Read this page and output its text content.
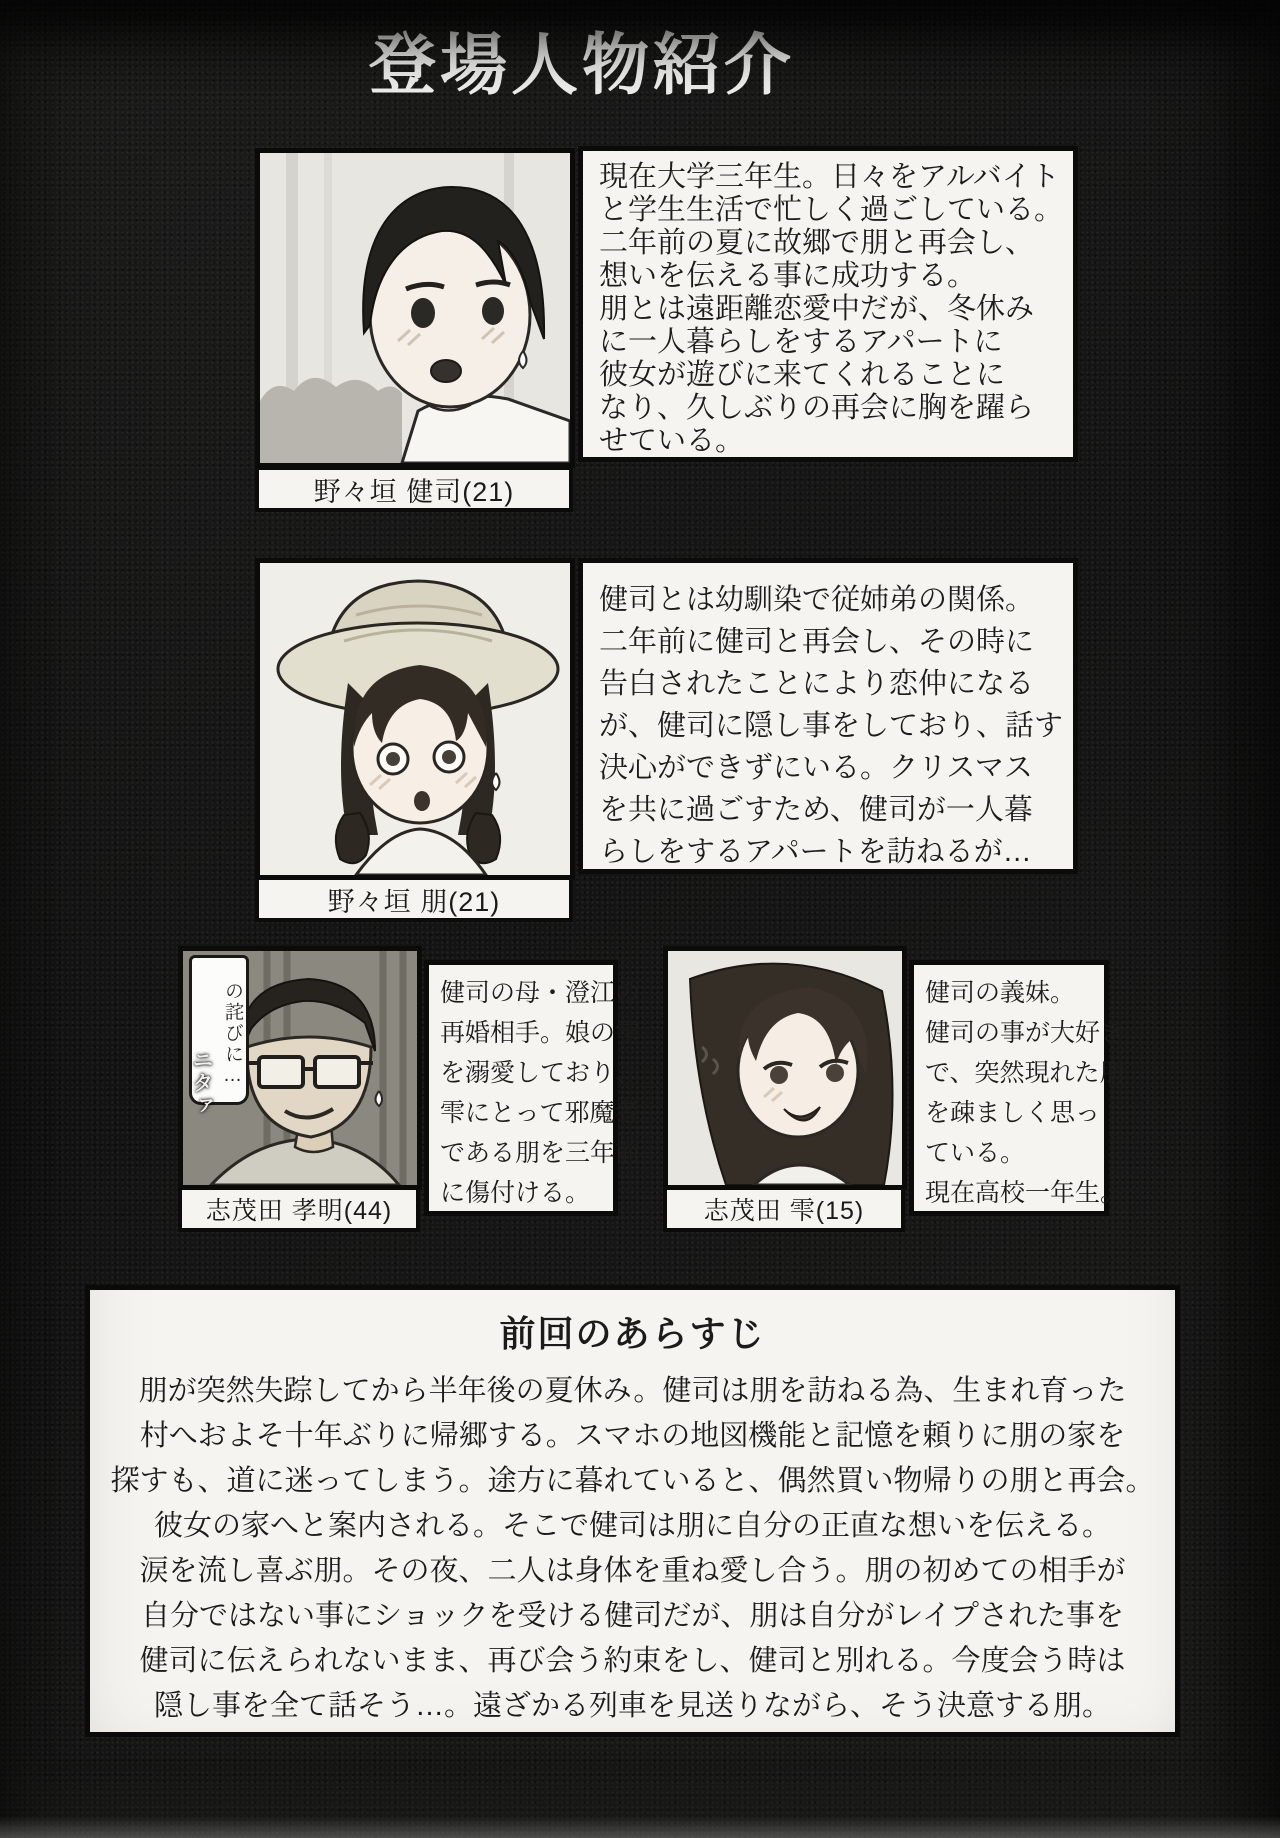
登場人物紹介
野々垣 健司(21)
現在大学三年生。日々をアルバイト
と学生生活で忙しく過ごしている。
二年前の夏に故郷で朋と再会し、
想いを伝える事に成功する。
朋とは遠距離恋愛中だが、冬休み
に一人暮らしをするアパートに
彼女が遊びに来てくれることに
なり、久しぶりの再会に胸を躍ら
せている。
野々垣 朋(21)
健司とは幼馴染で従姉弟の関係。
二年前に健司と再会し、その時に
告白されたことにより恋仲になる
が、健司に隠し事をしており、話す
決心ができずにいる。クリスマス
を共に過ごすため、健司が一人暮
らしをするアパートを訪ねるが…
の詫びに…
ニタァ
志茂田 孝明(44)
健司の母・澄江の
再婚相手。娘の雫
を溺愛しており、
雫にとって邪魔者
である朋を三年前
に傷付ける。
志茂田 雫(15)
健司の義妹。
健司の事が大好き
で、突然現れた朋
を疎ましく思っ
ている。
現在高校一年生。
前回のあらすじ
朋が突然失踪してから半年後の夏休み。健司は朋を訪ねる為、生まれ育った
村へおよそ十年ぶりに帰郷する。スマホの地図機能と記憶を頼りに朋の家を
探すも、道に迷ってしまう。途方に暮れていると、偶然買い物帰りの朋と再会。
彼女の家へと案内される。そこで健司は朋に自分の正直な想いを伝える。
涙を流し喜ぶ朋。その夜、二人は身体を重ね愛し合う。朋の初めての相手が
自分ではない事にショックを受ける健司だが、朋は自分がレイプされた事を
健司に伝えられないまま、再び会う約束をし、健司と別れる。今度会う時は
隠し事を全て話そう…。遠ざかる列車を見送りながら、そう決意する朋。
